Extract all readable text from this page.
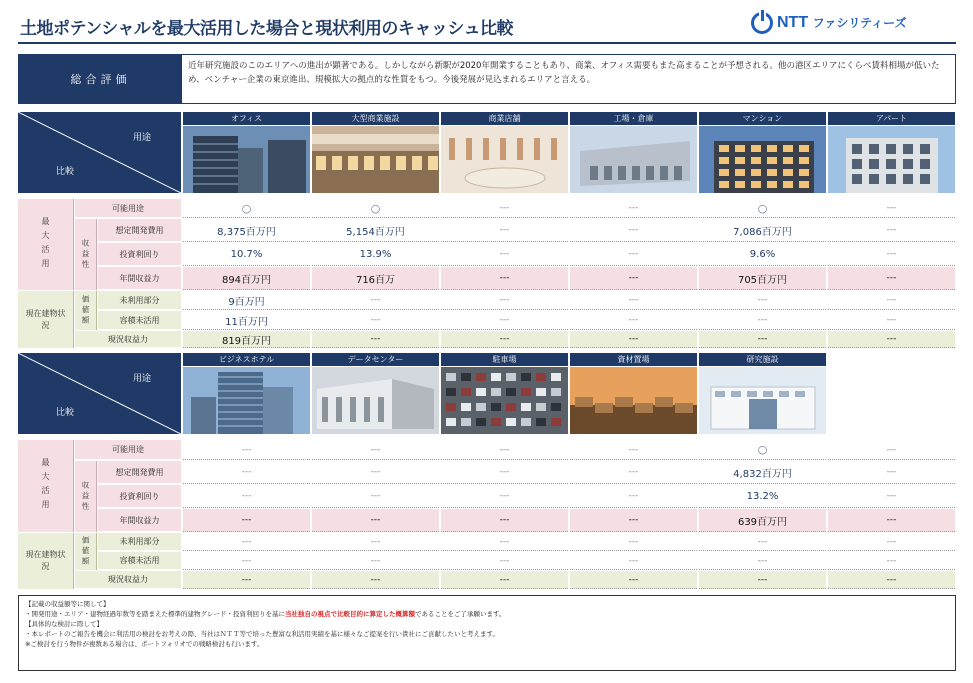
土地ポテンシャルを最大活用した場合と現状利用のキャッシュ比較	NTT ファシリティーズ
総合評価
近年研究施設のこのエリアへの進出が顕著である。しかしながら新駅が2020年開業することもあり、商業、オフィス需要もまた高まることが予想される。他の港区エリアにくらべ賃料相場が低いため、ベンチャー企業の東京進出、規模拡大の拠点的な性質をもつ。今後発展が見込まれるエリアと言える。
用途
比較
オフィス	大型商業施設	商業店舗	工場・倉庫	マンション	アパート
最大活用
現在建物状況
収益性
価値額
可能用途	○	○	---	---	○	---
想定開発費用	8,375百万円	5,154百万円	---	---	7,086百万円	---
投資利回り	10.7%	13.9%	---	---	9.6%	---
年間収益力	894百万円	716百万	---	---	705百万円	---
未利用部分	9百万円	---	---	---	---	---
容積未活用	11百万円	---	---	---	---	---
現況収益力	819百万円	---	---	---	---	---
用途
比較
ビジネスホテル	データセンター	駐車場	資材置場	研究施設
最大活用
現在建物状況
収益性
価値額
可能用途	---	---	---	---	○	---
想定開発費用	---	---	---	---	4,832百万円	---
投資利回り	---	---	---	---	13.2%	---
年間収益力	---	---	---	---	639百万円	---
未利用部分	---	---	---	---	---	---
容積未活用	---	---	---	---	---	---
現況収益力	---	---	---	---	---	---
【記載の収益額等に関して】
・開発用途・エリア・建物経過年数等を踏まえた標準的建物グレード・投資利回りを基に当社独自の視点で比較目的に算定した概算額であることをご了承願います。
【具体的な検討に際して】
・本レポートのご報告を機会に利活用の検討をお考えの際、当社はＮＴＴ等で培った豊富な利活用実績を基に様々なご提案を行い貴社にご貢献したいと考えます。
※ご検討を行う物件が複数ある場合は、ポートフォリオでの戦略検討も行います。
